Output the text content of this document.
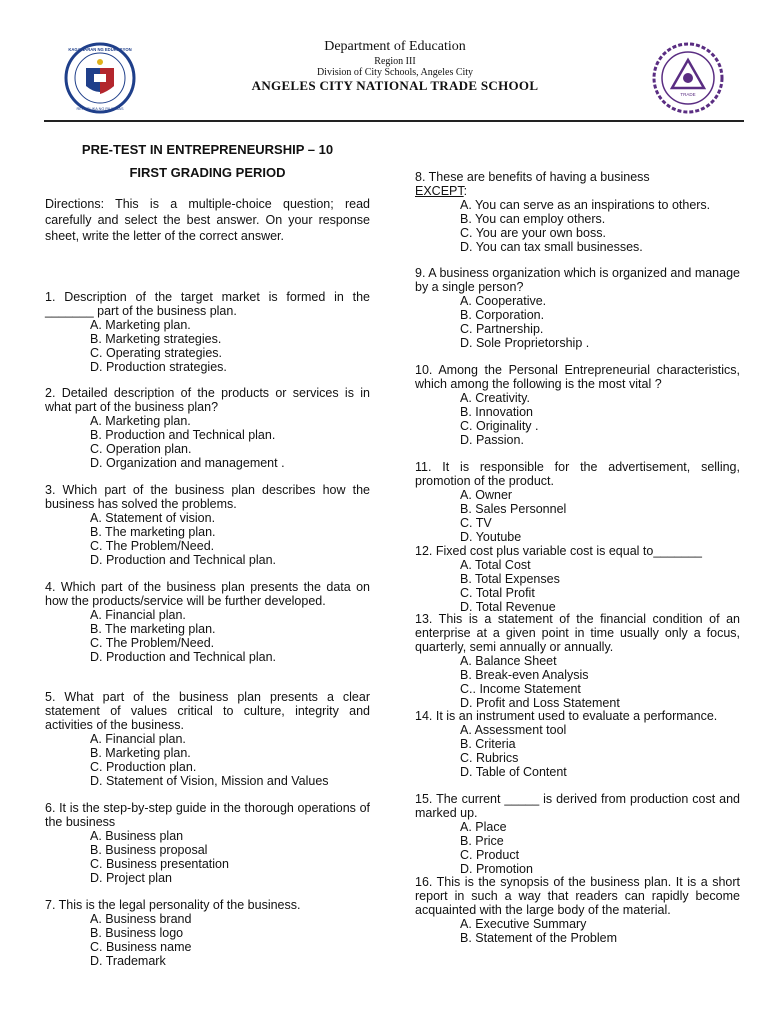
KAGAWARAN NG EDUKASYON
REPUBLIKA NG PILIPINAS
Department of Education
Region III
Division of City Schools, Angeles City
ANGELES CITY NATIONAL TRADE SCHOOL
TRADE
PRE-TEST IN ENTREPRENEURSHIP – 10
FIRST GRADING PERIOD
Directions: This is a multiple-choice question; read carefully and select the best answer. On your response sheet, write the letter of the correct answer.
1. Description of the target market is formed in the _______ part of the business plan.
A. Marketing plan.
B. Marketing strategies.
C. Operating strategies.
D. Production strategies.
2. Detailed description of the products or services is in what part of the business plan?
A. Marketing plan.
B. Production and Technical plan.
C. Operation plan.
D. Organization and management .
3. Which part of the business plan describes how the business has solved the problems.
A. Statement of vision.
B. The marketing plan.
C. The Problem/Need.
D. Production and Technical plan.
4. Which part of the business plan presents the data on how the products/service will be further developed.
A. Financial plan.
B. The marketing plan.
C. The Problem/Need.
D. Production and Technical plan.
5. What part of the business plan presents a clear statement of values critical to culture, integrity and activities of the business.
A. Financial plan.
B. Marketing plan.
C. Production plan.
D. Statement of Vision, Mission and Values
6. It is the step-by-step guide in the thorough operations of the business
A. Business plan
B. Business proposal
C. Business presentation
D. Project plan
7. This is the legal personality of the business.
A. Business brand
B. Business logo
C. Business name
D. Trademark
8. These are benefits of having a business
EXCEPT:
A. You can serve as an inspirations to others.
B. You can employ others.
C. You are your own boss.
D. You can tax small businesses.
9. A business organization which is organized and manage by a single person?
A. Cooperative.
B. Corporation.
C. Partnership.
D. Sole Proprietorship .
10. Among the Personal Entrepreneurial characteristics, which among the following is the most vital ?
A. Creativity.
B. Innovation
C. Originality .
D. Passion.
11. It is responsible for the advertisement, selling, promotion of the product.
A. Owner
B. Sales Personnel
C. TV
D. Youtube
12. Fixed cost plus variable cost is equal to_______
A. Total Cost
B. Total Expenses
C. Total Profit
D. Total Revenue
13. This is a statement of the financial condition of an enterprise at a given point in time usually only a focus, quarterly, semi annually or annually.
A. Balance Sheet
B. Break-even Analysis
C.. Income Statement
D. Profit and Loss Statement
14. It is an instrument used to evaluate a performance.
A. Assessment tool
B. Criteria
C. Rubrics
D. Table of Content
15. The current _____ is derived from production cost and marked up.
A. Place
B. Price
C. Product
D. Promotion
16. This is the synopsis of the business plan. It is a short report in such a way that readers can rapidly become acquainted with the large body of the material.
A. Executive Summary
B. Statement of the Problem
